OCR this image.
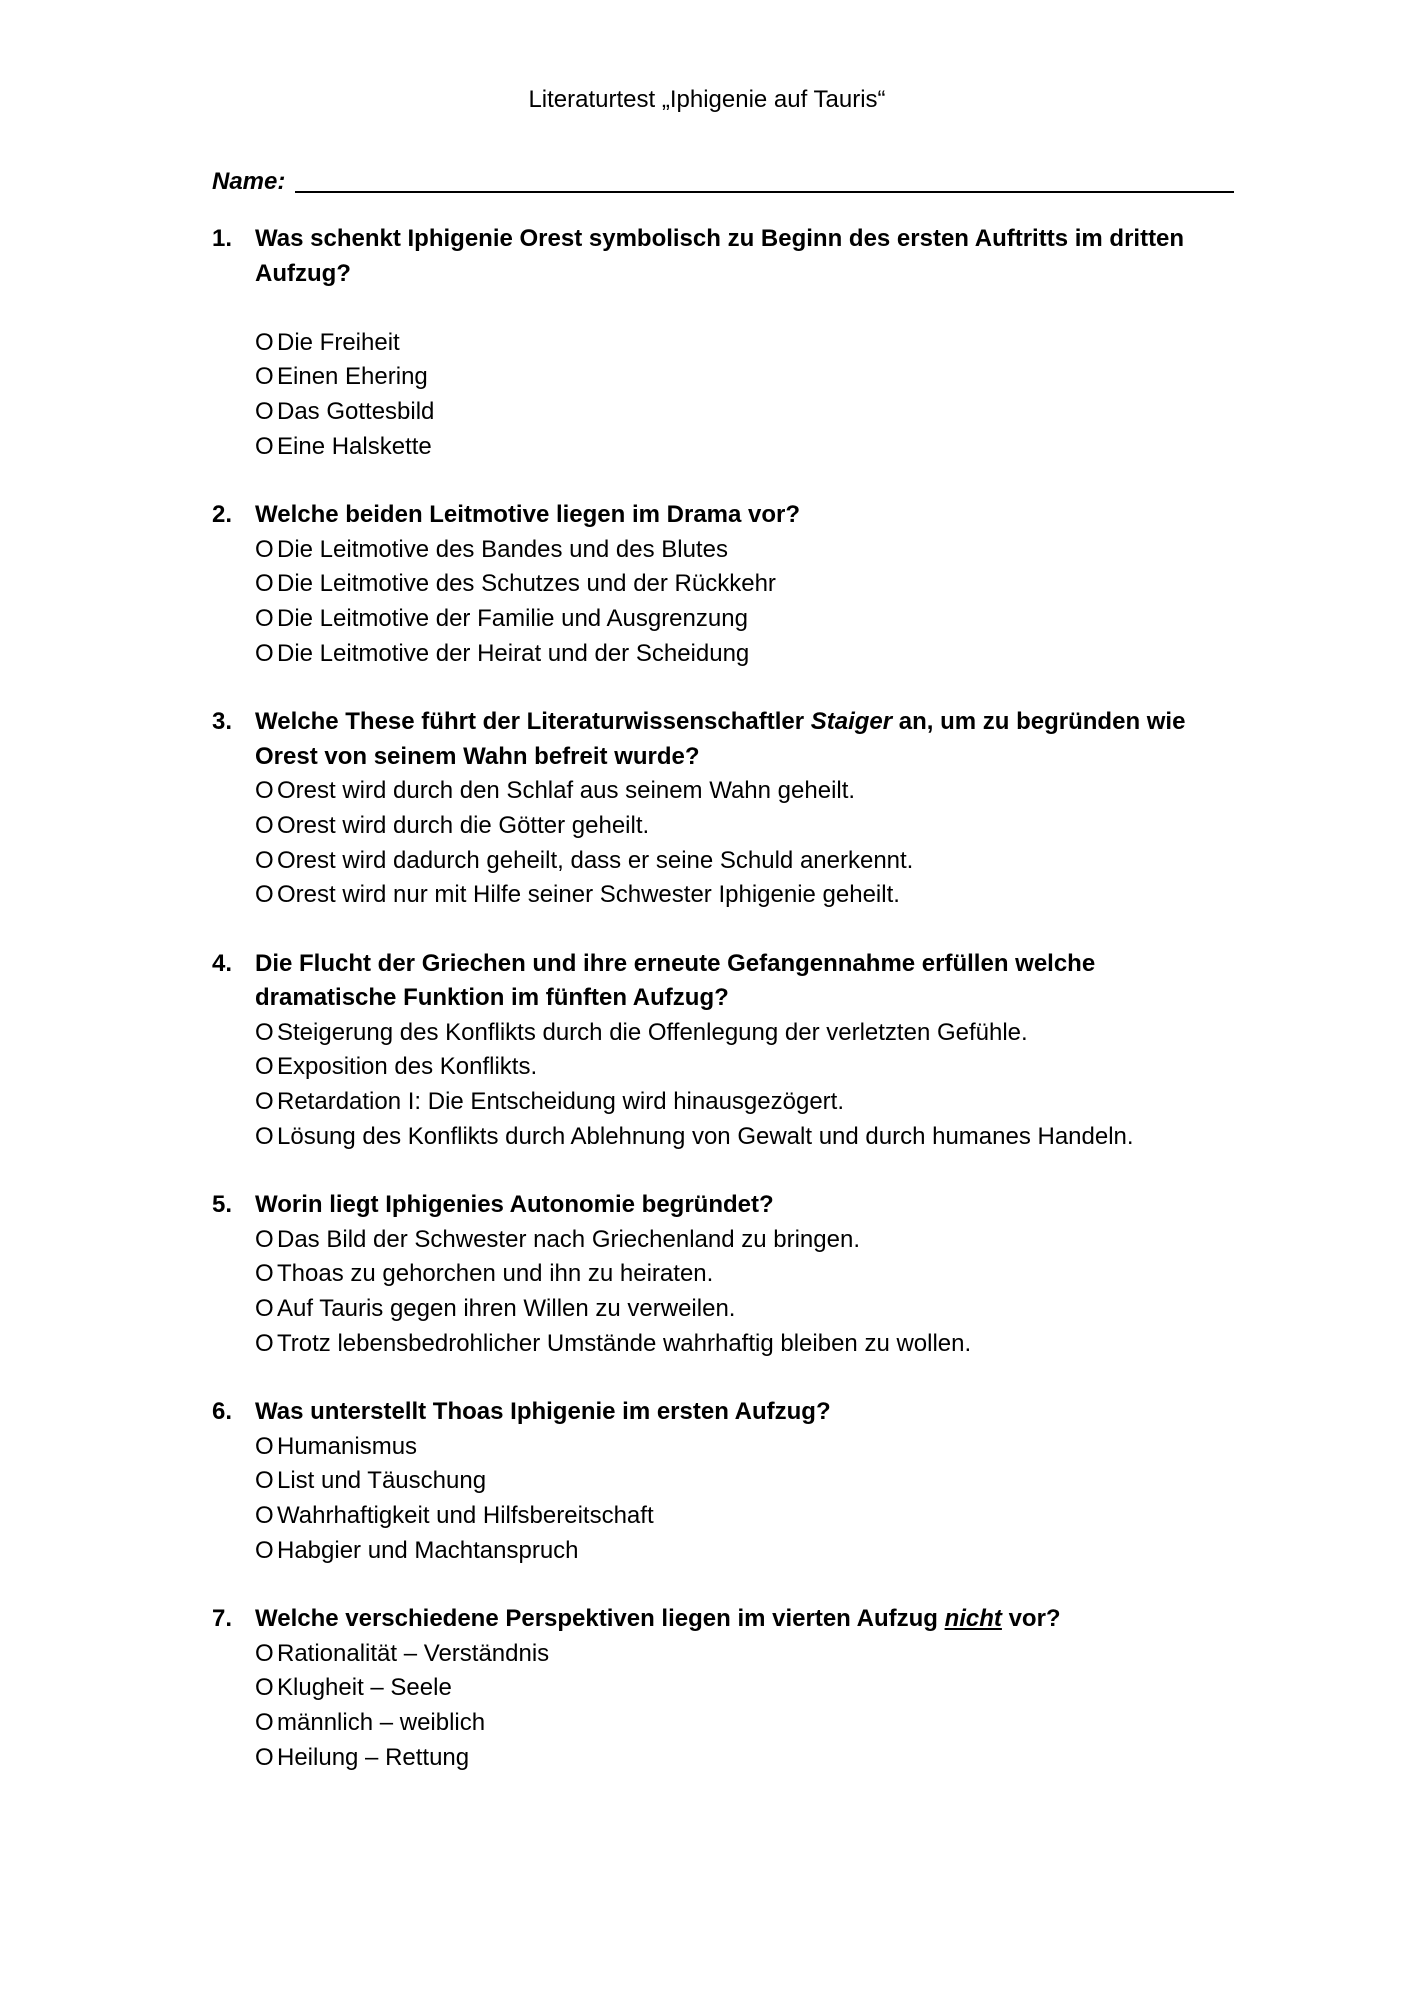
Literaturtest „Iphigenie auf Tauris“
Name:
1. Was schenkt Iphigenie Orest symbolisch zu Beginn des ersten Auftritts im dritten Aufzug?
O Die Freiheit
O Einen Ehering
O Das Gottesbild
O Eine Halskette
2. Welche beiden Leitmotive liegen im Drama vor?
O Die Leitmotive des Bandes und des Blutes
O Die Leitmotive des Schutzes und der Rückkehr
O Die Leitmotive der Familie und Ausgrenzung
O Die Leitmotive der Heirat und der Scheidung
3. Welche These führt der Literaturwissenschaftler Staiger an, um zu begründen wie Orest von seinem Wahn befreit wurde?
O Orest wird durch den Schlaf aus seinem Wahn geheilt.
O Orest wird durch die Götter geheilt.
O Orest wird dadurch geheilt, dass er seine Schuld anerkennt.
O Orest wird nur mit Hilfe seiner Schwester Iphigenie geheilt.
4. Die Flucht der Griechen und ihre erneute Gefangennahme erfüllen welche dramatische Funktion im fünften Aufzug?
O Steigerung des Konflikts durch die Offenlegung der verletzten Gefühle.
O Exposition des Konflikts.
O Retardation I: Die Entscheidung wird hinausgezögert.
O Lösung des Konflikts durch Ablehnung von Gewalt und durch humanes Handeln.
5. Worin liegt Iphigenies Autonomie begründet?
O Das Bild der Schwester nach Griechenland zu bringen.
O Thoas zu gehorchen und ihn zu heiraten.
O Auf Tauris gegen ihren Willen zu verweilen.
O Trotz lebensbedrohlicher Umstände wahrhaftig bleiben zu wollen.
6. Was unterstellt Thoas Iphigenie im ersten Aufzug?
O Humanismus
O List und Täuschung
O Wahrhaftigkeit und Hilfsbereitschaft
O Habgier und Machtanspruch
7. Welche verschiedene Perspektiven liegen im vierten Aufzug nicht vor?
O Rationalität – Verständnis
O Klugheit – Seele
O männlich – weiblich
O Heilung – Rettung
